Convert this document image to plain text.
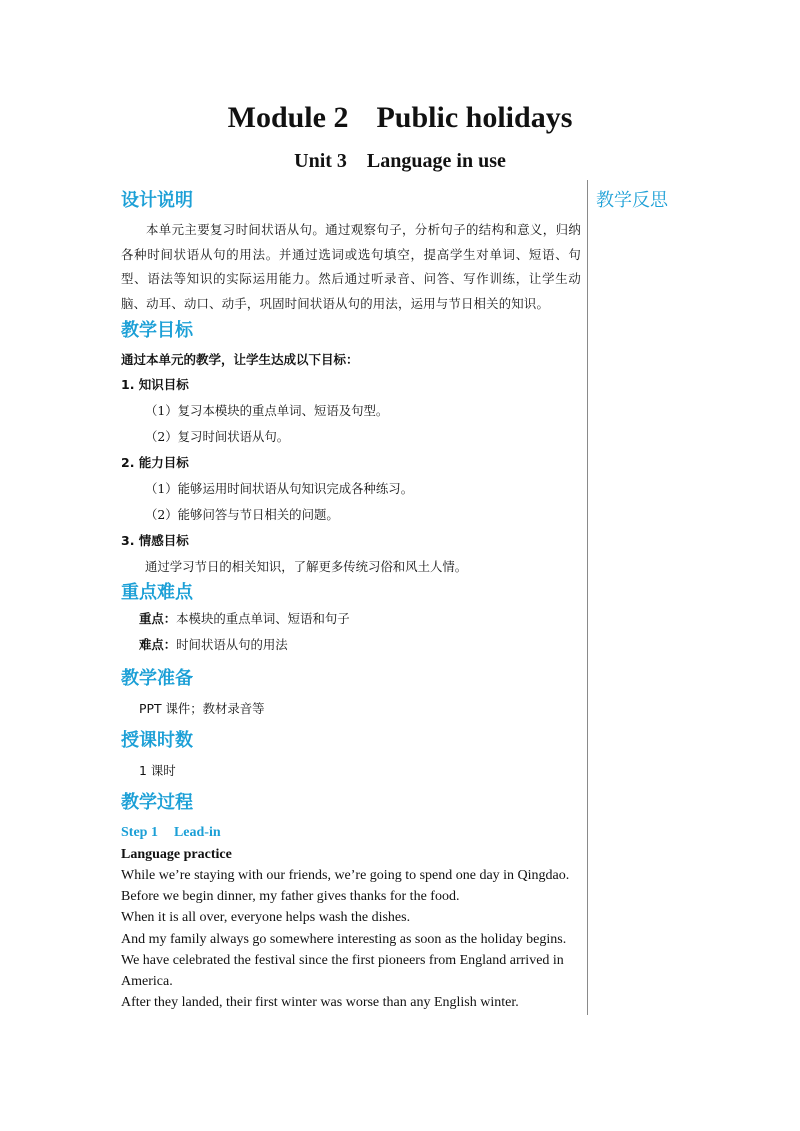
Module 2 Public holidays
Unit 3 Language in use
教学反思
设计说明

本单元主要复习时间状语从句。通过观察句子，分析句子的结构和意义，归纳各种时间状语从句的用法。并通过选词或选句填空，提高学生对单词、短语、句型、语法等知识的实际运用能力。然后通过听录音、问答、写作训练，让学生动脑、动耳、动口、动手，巩固时间状语从句的用法，运用与节日相关的知识。

教学目标

通过本单元的教学，让学生达成以下目标：

1. 知识目标

（1）复习本模块的重点单词、短语及句型。

（2）复习时间状语从句。

2. 能力目标

（1）能够运用时间状语从句知识完成各种练习。

（2）能够问答与节日相关的问题。

3. 情感目标

通过学习节日的相关知识，了解更多传统习俗和风土人情。

重点难点

重点：本模块的重点单词、短语和句子

难点：时间状语从句的用法

教学准备

PPT 课件；教材录音等

授课时数

1 课时

教学过程

Step 1 Lead-in

Language practice

While we’re staying with our friends, we’re going to spend one day in Qingdao.

Before we begin dinner, my father gives thanks for the food.

When it is all over, everyone helps wash the dishes.

And my family always go somewhere interesting as soon as the holiday begins.

We have celebrated the festival since the first pioneers from England arrived in America.

After they landed, their first winter was worse than any English winter.
